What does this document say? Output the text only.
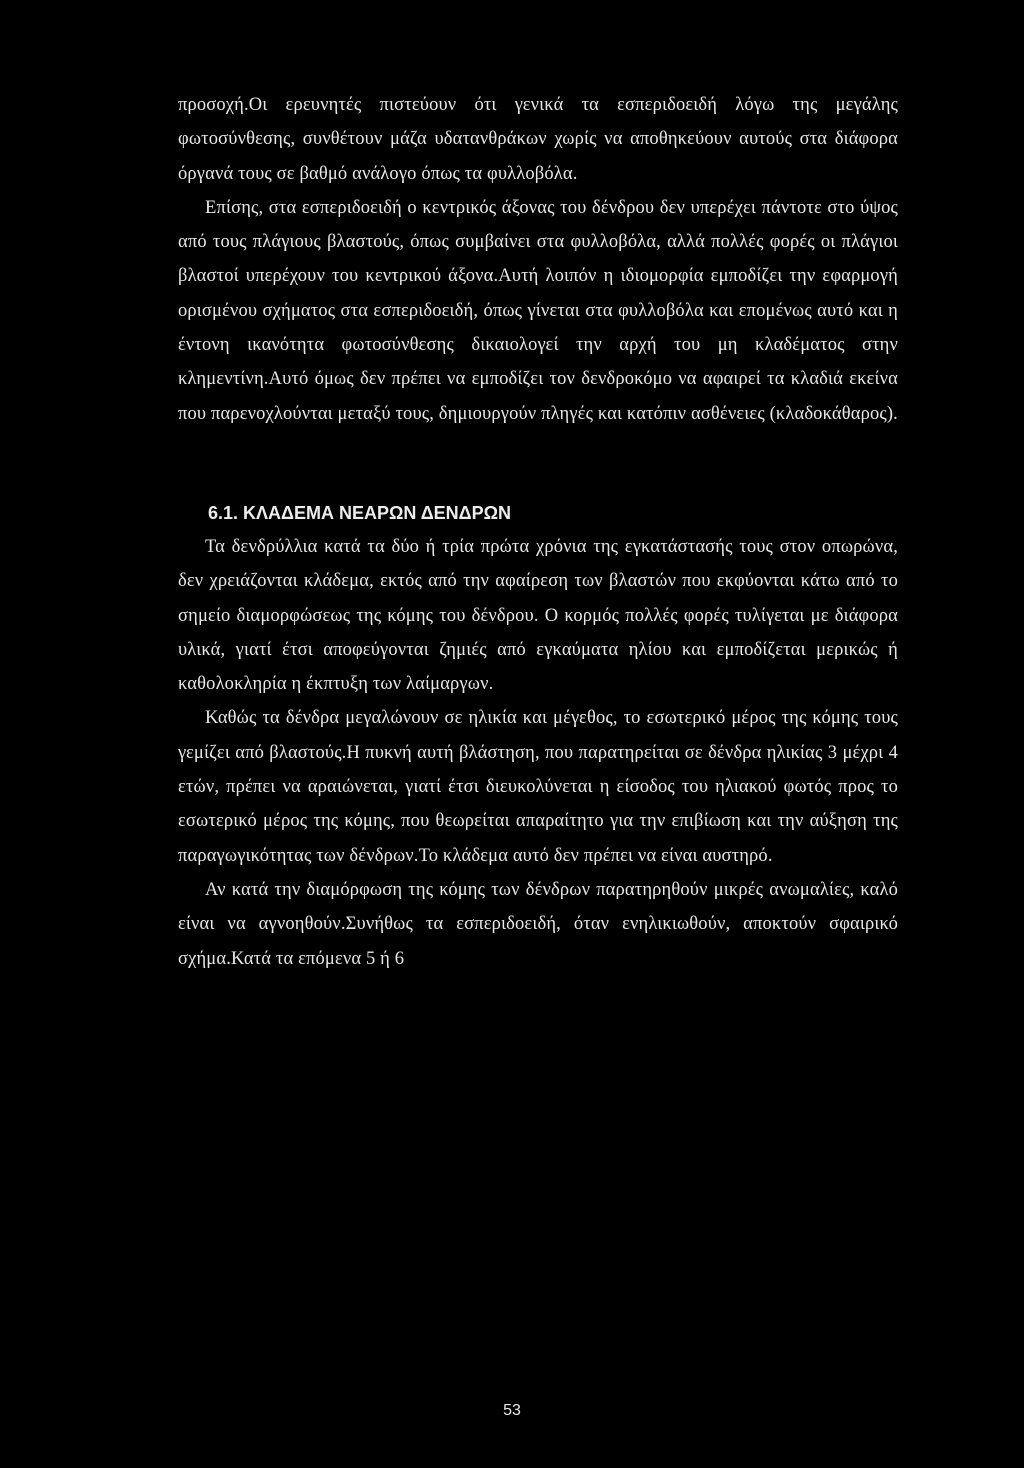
προσοχή.Οι ερευνητές πιστεύουν ότι γενικά τα εσπεριδοειδή λόγω της μεγάλης φωτοσύνθεσης, συνθέτουν μάζα υδατανθράκων χωρίς να αποθηκεύουν αυτούς στα διάφορα όργανά τους σε βαθμό ανάλογο όπως τα φυλλοβόλα.

Επίσης, στα εσπεριδοειδή ο κεντρικός άξονας του δένδρου δεν υπερέχει πάντοτε στο ύψος από τους πλάγιους βλαστούς, όπως συμβαίνει στα φυλλοβόλα, αλλά πολλές φορές οι πλάγιοι βλαστοί υπερέχουν του κεντρικού άξονα.Αυτή λοιπόν η ιδιομορφία εμποδίζει την εφαρμογή ορισμένου σχήματος στα εσπεριδοειδή, όπως γίνεται στα φυλλοβόλα και επομένως αυτό και η έντονη ικανότητα φωτοσύνθεσης δικαιολογεί την αρχή του μη κλαδέματος στην κλημεντίνη.Αυτό όμως δεν πρέπει να εμποδίζει τον δενδροκόμο να αφαιρεί τα κλαδιά εκείνα που παρενοχλούνται μεταξύ τους, δημιουργούν πληγές και κατόπιν ασθένειες (κλαδοκάθαρος).

6.1. ΚΛΑΔΕΜΑ ΝΕΑΡΩΝ ΔΕΝΔΡΩΝ

Τα δενδρύλλια κατά τα δύο ή τρία πρώτα χρόνια της εγκατάστασής τους στον οπωρώνα, δεν χρειάζονται κλάδεμα, εκτός από την αφαίρεση των βλαστών που εκφύονται κάτω από το σημείο διαμορφώσεως της κόμης του δένδρου. Ο κορμός πολλές φορές τυλίγεται με διάφορα υλικά, γιατί έτσι αποφεύγονται ζημιές από εγκαύματα ηλίου και εμποδίζεται μερικώς ή καθολοκληρία η έκπτυξη των λαίμαργων.

Καθώς τα δένδρα μεγαλώνουν σε ηλικία και μέγεθος, το εσωτερικό μέρος της κόμης τους γεμίζει από βλαστούς.Η πυκνή αυτή βλάστηση, που παρατηρείται σε δένδρα ηλικίας 3 μέχρι 4 ετών, πρέπει να αραιώνεται, γιατί έτσι διευκολύνεται η είσοδος του ηλιακού φωτός προς το εσωτερικό μέρος της κόμης, που θεωρείται απαραίτητο για την επιβίωση και την αύξηση της παραγωγικότητας των δένδρων.Το κλάδεμα αυτό δεν πρέπει να είναι αυστηρό.

Αν κατά την διαμόρφωση της κόμης των δένδρων παρατηρηθούν μικρές ανωμαλίες, καλό είναι να αγνοηθούν.Συνήθως τα εσπεριδοειδή, όταν ενηλικιωθούν, αποκτούν σφαιρικό σχήμα.Κατά τα επόμενα 5 ή 6

53
